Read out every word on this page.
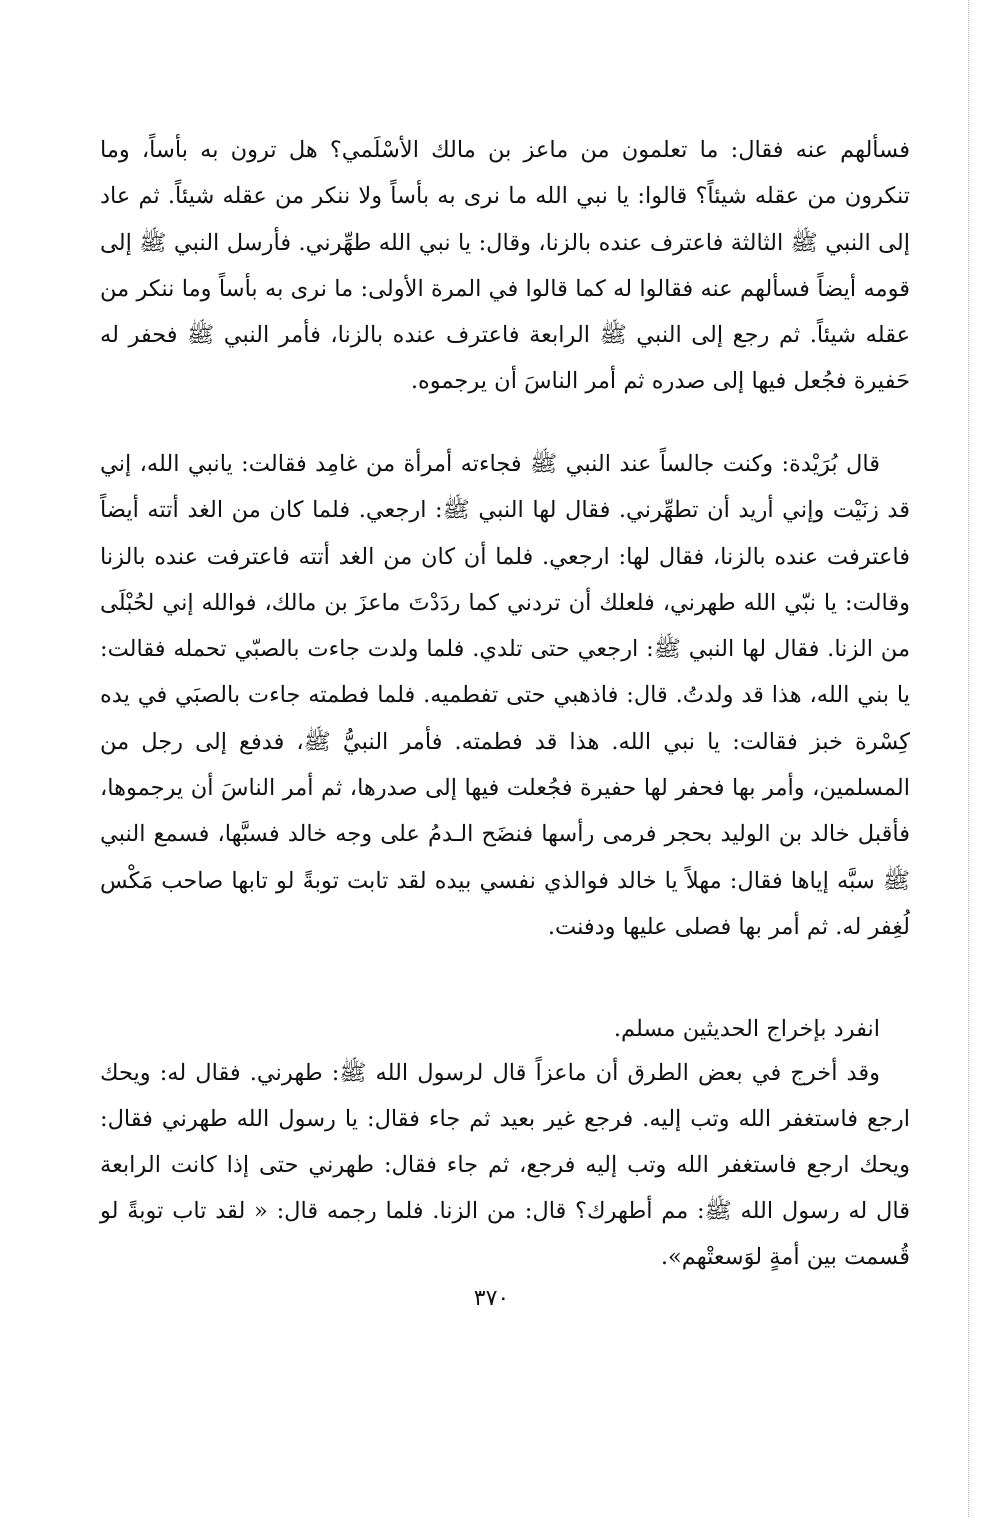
فسألهم عنه فقال: ما تعلمون من ماعز بن مالك الأسْلَمي؟ هل ترون به بأساً، وما تنكرون من عقله شيئاً؟ قالوا: يا نبي الله ما نرى به بأساً ولا ننكر من عقله شيئاً. ثم عاد إلى النبي ﷺ الثالثة فاعترف عنده بالزنا، وقال: يا نبي الله طهِّرني. فأرسل النبي ﷺ إلى قومه أيضاً فسألهم عنه فقالوا له كما قالوا في المرة الأولى: ما نرى به بأساً وما ننكر من عقله شيئاً. ثم رجع إلى النبي ﷺ الرابعة فاعترف عنده بالزنا، فأمر النبي ﷺ فحفر له حَفيرة فجُعل فيها إلى صدره ثم أمر الناسَ أن يرجموه.

قال بُرَيْدة: وكنت جالساً عند النبي ﷺ فجاءته أمرأة من غامِد فقالت: يانبي الله، إني قد زنَيْت وإني أريد أن تطهِّرني. فقال لها النبي ﷺ: ارجعي. فلما كان من الغد أتته أيضاً فاعترفت عنده بالزنا، فقال لها: ارجعي. فلما أن كان من الغد أتته فاعترفت عنده بالزنا وقالت: يا نبّي الله طهرني، فلعلك أن تردني كما ردَدْتَ ماعزَ بن مالك، فوالله إني لحُبْلَى من الزنا. فقال لها النبي ﷺ: ارجعي حتى تلدي. فلما ولدت جاءت بالصبّي تحمله فقالت: يا بني الله، هذا قد ولدتُ. قال: فاذهبي حتى تفطميه. فلما فطمته جاءت بالصبَي في يده كِسْرة خبز فقالت: يا نبي الله. هذا قد فطمته. فأمر النبيُّ ﷺ، فدفع إلى رجل من المسلمين، وأمر بها فحفر لها حفيرة فجُعلت فيها إلى صدرها، ثم أمر الناسَ أن يرجموها، فأقبل خالد بن الوليد بحجر فرمى رأسها فنضَح الـدمُ على وجه خالد فسبَّها، فسمع النبي ﷺ سبَّه إياها فقال: مهلاً يا خالد فوالذي نفسي بيده لقد تابت توبةً لو تابها صاحب مَكْس لُغِفر له. ثم أمر بها فصلى عليها ودفنت.

انفرد بإخراج الحديثين مسلم.

وقد أخرج في بعض الطرق أن ماعزاً قال لرسول الله ﷺ: طهرني. فقال له: ويحك ارجع فاستغفر الله وتب إليه. فرجع غير بعيد ثم جاء فقال: يا رسول الله طهرني فقال: ويحك ارجع فاستغفر الله وتب إليه فرجع، ثم جاء فقال: طهرني حتى إذا كانت الرابعة قال له رسول الله ﷺ: مم أطهرك؟ قال: من الزنا. فلما رجمه قال: « لقد تاب توبةً لو قُسمت بين أمةٍ لوَسعتْهم».

٣٧٠
